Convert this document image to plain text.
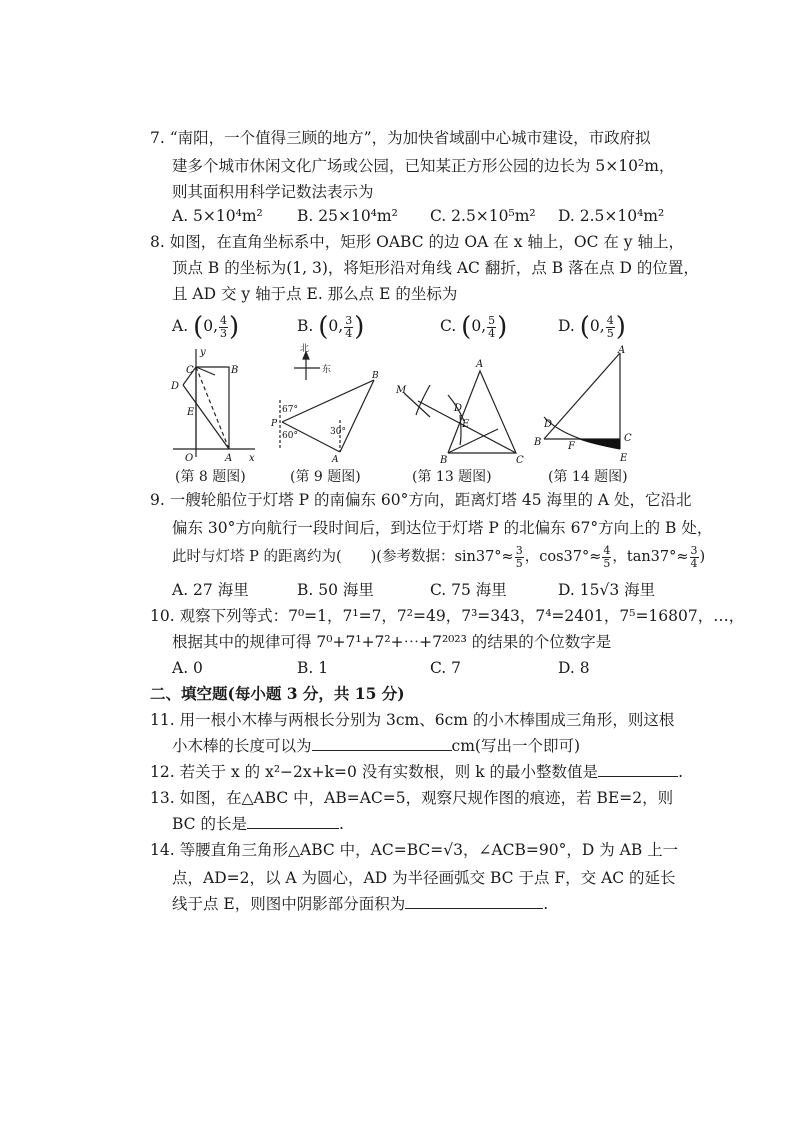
7. “南阳，一个值得三顾的地方”，为加快省域副中心城市建设，市政府拟
建多个城市休闲文化广场或公园，已知某正方形公园的边长为 5×10²m，
则其面积用科学记数法表示为
A. 5×10⁴m² B. 25×10⁴m² C. 2.5×10⁵m² D. 2.5×10⁴m²
8. 如图，在直角坐标系中，矩形 OABC 的边 OA 在 x 轴上，OC 在 y 轴上，
顶点 B 的坐标为(1, 3)，将矩形沿对角线 AC 翻折，点 B 落在点 D 的位置，
且 AD 交 y 轴于点 E. 那么点 E 的坐标为
A. (0, $\frac{4}{3}$ )	B. (0, $\frac{3}{4}$ )	C. (0, $\frac{5}{4}$ )	D. (0, $\frac{4}{5}$ )
y
C	B
D
E
O	A x
北
东
67°
P
60°	30°
A
B
M
A
D
E
B	C
A
D
B	F
C
E
(第 8 题图)	(第 9 题图)	(第 13 题图)	(第 14 题图)
9. 一艘轮船位于灯塔 P 的南偏东 60°方向，距离灯塔 45 海里的 A 处，它沿北
偏东 30°方向航行一段时间后，到达位于灯塔 P 的北偏东 67°方向上的 B 处，
此时与灯塔 P 的距离约为(　　)(参考数据：$\sin 37^\circ\approx \frac{3}{5}$ ，$\cos 37^\circ\approx \frac{4}{5}$ ，$\tan 37^\circ\approx \frac{3}{4}$ )
A. 27 海里	B. 50 海里	C. 75 海里	D. 15√3 海里
10. 观察下列等式：7⁰=1，7¹=7，7²=49，7³=343，7⁴=2401，7⁵=16807，…，
根据其中的规律可得 7⁰+7¹+7²+⋯+7²⁰²³ 的结果的个位数字是
A. 0	B. 1	C. 7	D. 8
二、填空题(每小题 3 分，共 15 分)
11. 用一根小木棒与两根长分别为 3cm、6cm 的小木棒围成三角形，则这根
小木棒的长度可以为	cm(写出一个即可)
12. 若关于 x 的 x²−2x+k=0 没有实数根，则 k 的最小整数值是	.
13. 如图，在△ABC 中，AB=AC=5，观察尺规作图的痕迹，若 BE=2，则
BC 的长是	.
14. 等腰直角三角形△ABC 中，AC=BC=√3，∠ACB=90°，D 为 AB 上一
点，AD=2，以 A 为圆心，AD 为半径画弧交 BC 于点 F，交 AC 的延长
线于点 E，则图中阴影部分面积为	.
